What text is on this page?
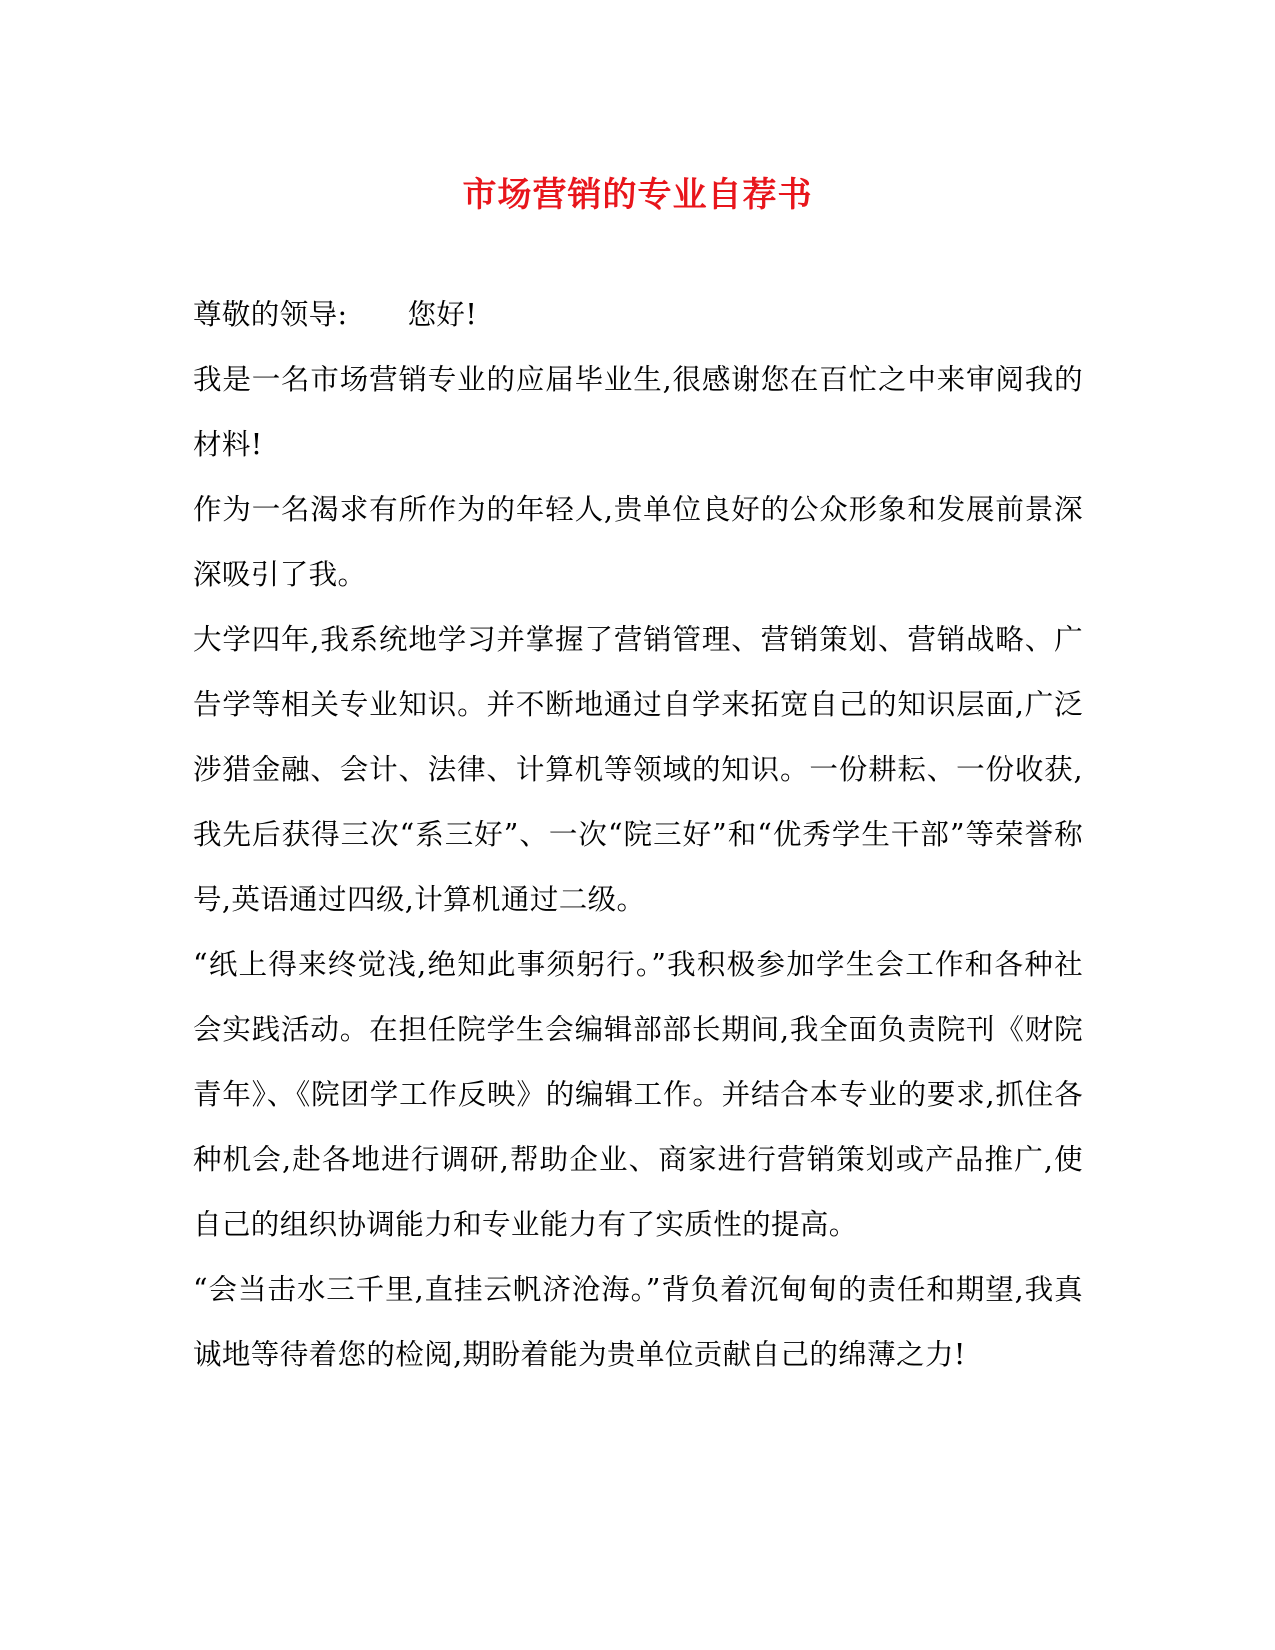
市场营销的专业自荐书

尊敬的领导: 您好!

我是一名市场营销专业的应届毕业生,很感谢您在百忙之中来审阅我的材料!

作为一名渴求有所作为的年轻人,贵单位良好的公众形象和发展前景深深吸引了我。

大学四年,我系统地学习并掌握了营销管理、营销策划、营销战略、广告学等相关专业知识。并不断地通过自学来拓宽自己的知识层面,广泛涉猎金融、会计、法律、计算机等领域的知识。一份耕耘、一份收获,我先后获得三次“系三好”、一次“院三好”和“优秀学生干部”等荣誉称号,英语通过四级,计算机通过二级。

“纸上得来终觉浅,绝知此事须躬行。”我积极参加学生会工作和各种社会实践活动。在担任院学生会编辑部部长期间,我全面负责院刊《财院青年》、《院团学工作反映》的编辑工作。并结合本专业的要求,抓住各种机会,赴各地进行调研,帮助企业、商家进行营销策划或产品推广,使自己的组织协调能力和专业能力有了实质性的提高。

“会当击水三千里,直挂云帆济沧海。”背负着沉甸甸的责任和期望,我真诚地等待着您的检阅,期盼着能为贵单位贡献自己的绵薄之力!
